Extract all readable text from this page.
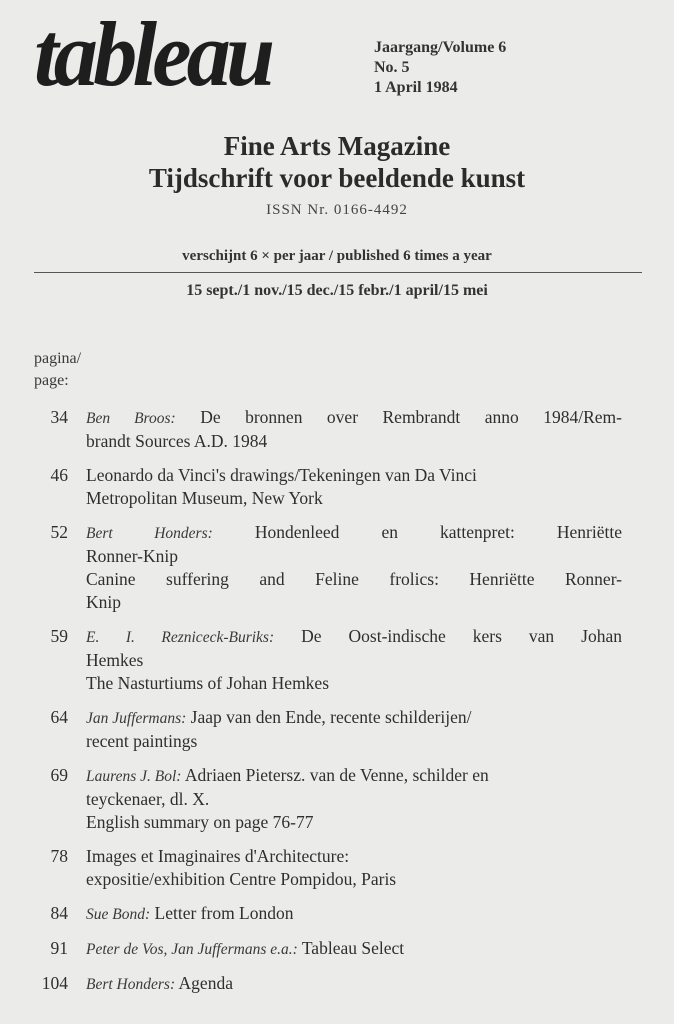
tableau	Jaargang/Volume 6
No. 5
1 April 1984
Fine Arts Magazine
Tijdschrift voor beeldende kunst
ISSN Nr. 0166-4492
verschijnt 6 × per jaar / published 6 times a year
15 sept./1 nov./15 dec./15 febr./1 april/15 mei
pagina/
page:
34 Ben Broos: De bronnen over Rembrandt anno 1984/Rem-
brandt Sources A.D. 1984
46 Leonardo da Vinci's drawings/Tekeningen van Da Vinci
Metropolitan Museum, New York
52 Bert Honders: Hondenleed en kattenpret: Henriëtte
Ronner-Knip
Canine suffering and Feline frolics: Henriëtte Ronner-
Knip
59 E. I. Rezniceck-Buriks: De Oost-indische kers van Johan
Hemkes
The Nasturtiums of Johan Hemkes
64 Jan Juffermans: Jaap van den Ende, recente schilderijen/
recent paintings
69 Laurens J. Bol: Adriaen Pietersz. van de Venne, schilder en
teyckenaer, dl. X.
English summary on page 76-77
78 Images et Imaginaires d'Architecture:
expositie/exhibition Centre Pompidou, Paris
84 Sue Bond: Letter from London
91 Peter de Vos, Jan Juffermans e.a.: Tableau Select
104 Bert Honders: Agenda
